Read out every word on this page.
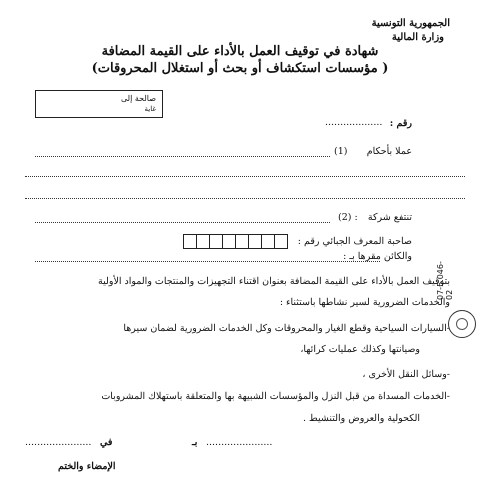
الجمهورية التونسية
وزارة المالية
شهادة في توقيف العمل بالأداء على القيمة المضافة
( مؤسسات استكشاف أو بحث أو استغلال المحروقات)
صالحة إلى
غاية
رقم :
...................
عملا بأحكام
(1)
تنتفع شركة
(2) :
صاحبة المعرف الجبائي رقم :
والكائن مقرها بـ :
بتوقيف العمل بالأداء على القيمة المضافة بعنوان اقتناء التجهيزات والمنتجات والمواد الأولية
والخدمات الضرورية لسير نشاطها باستثناء :
-السيارات السياحية وقطع الغيار والمحروقات وكل الخدمات الضرورية لضمان سيرها
وصيانتها وكذلك عمليات كرائها،
-وسائل النقل الأخرى ،
-الخدمات المسداة من قبل النزل والمؤسسات الشبيهة بها والمتعلقة باستهلاك المشروبات
الكحولية والعروض والتنشيط .
......................
بـ
...................... في
الإمضاء والختم
07-5.046-02
